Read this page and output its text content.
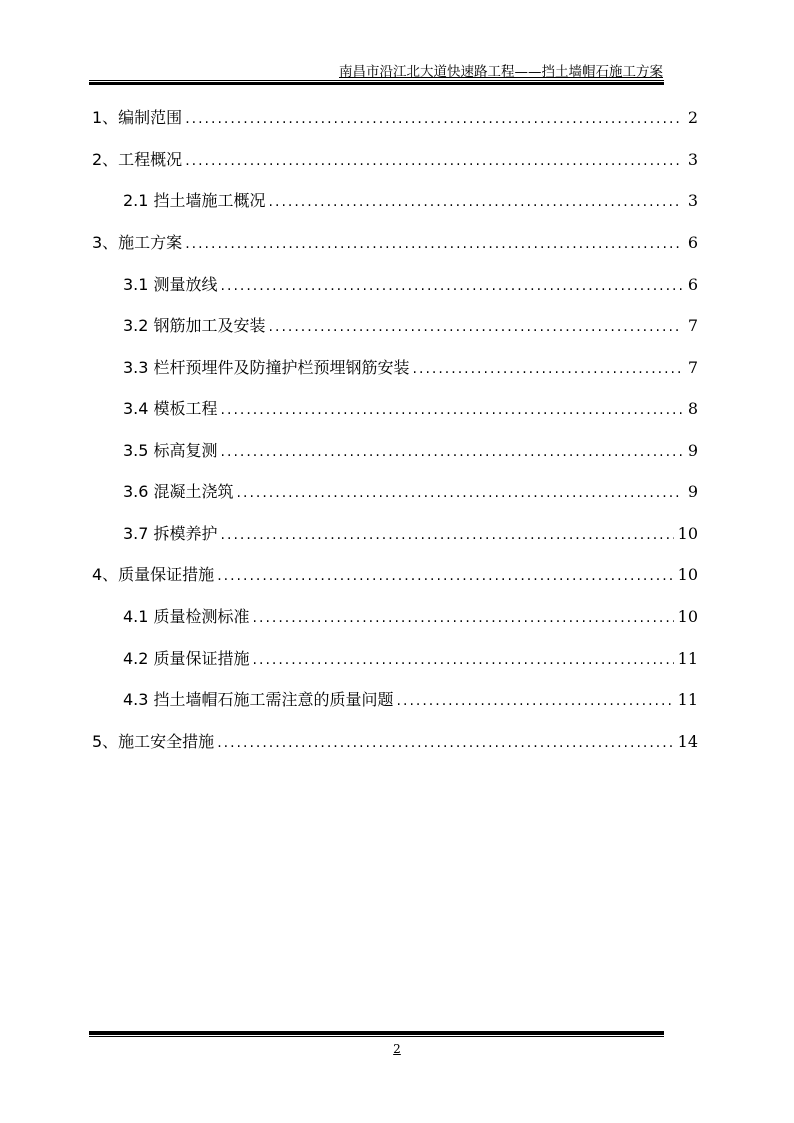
南昌市沿江北大道快速路工程——挡土墙帽石施工方案
1、编制范围 .....	2
2、工程概况 .....	3
2.1 挡土墙施工概况 .....	3
3、施工方案 .....	6
3.1 测量放线 .....	6
3.2 钢筋加工及安装 .....	7
3.3 栏杆预埋件及防撞护栏预埋钢筋安装 .....	7
3.4 模板工程 .....	8
3.5 标高复测 .....	9
3.6 混凝土浇筑 .....	9
3.7 拆模养护 .....	10
4、质量保证措施 .....	10
4.1 质量检测标准 .....	10
4.2 质量保证措施 .....	11
4.3 挡土墙帽石施工需注意的质量问题 .....	11
5、施工安全措施 .....	14
2
